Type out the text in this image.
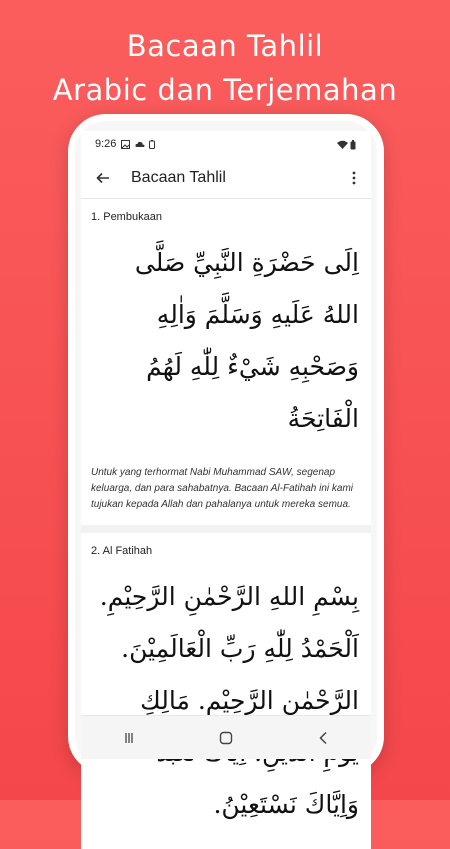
Bacaan Tahlil
Arabic dan Terjemahan
9:26
Bacaan Tahlil
1. Pembukaan
اِلَى حَضْرَةِ النَّبِيِّ صَلَّى اللهُ عَلَيهِ وَسَلَّمَ وَاٰلِهِ وَصَحْبِهِ شَيْءٌ لِلّٰهِ لَهُمُ الْفَاتِحَةُ
Untuk yang terhormat Nabi Muhammad SAW, segenap keluarga, dan para sahabatnya. Bacaan Al-Fatihah ini kami tujukan kepada Allah dan pahalanya untuk mereka semua.
2. Al Fatihah
بِسْمِ اللهِ الرَّحْمٰنِ الرَّحِيْمِ. اَلْحَمْدُ لِلّٰهِ رَبِّ الْعَالَمِيْنَ. الرَّحْمٰنِ الرَّحِيْمِ. مَالِكِ وَاِيَّاكَ نَسْتَعِيْنُ.
